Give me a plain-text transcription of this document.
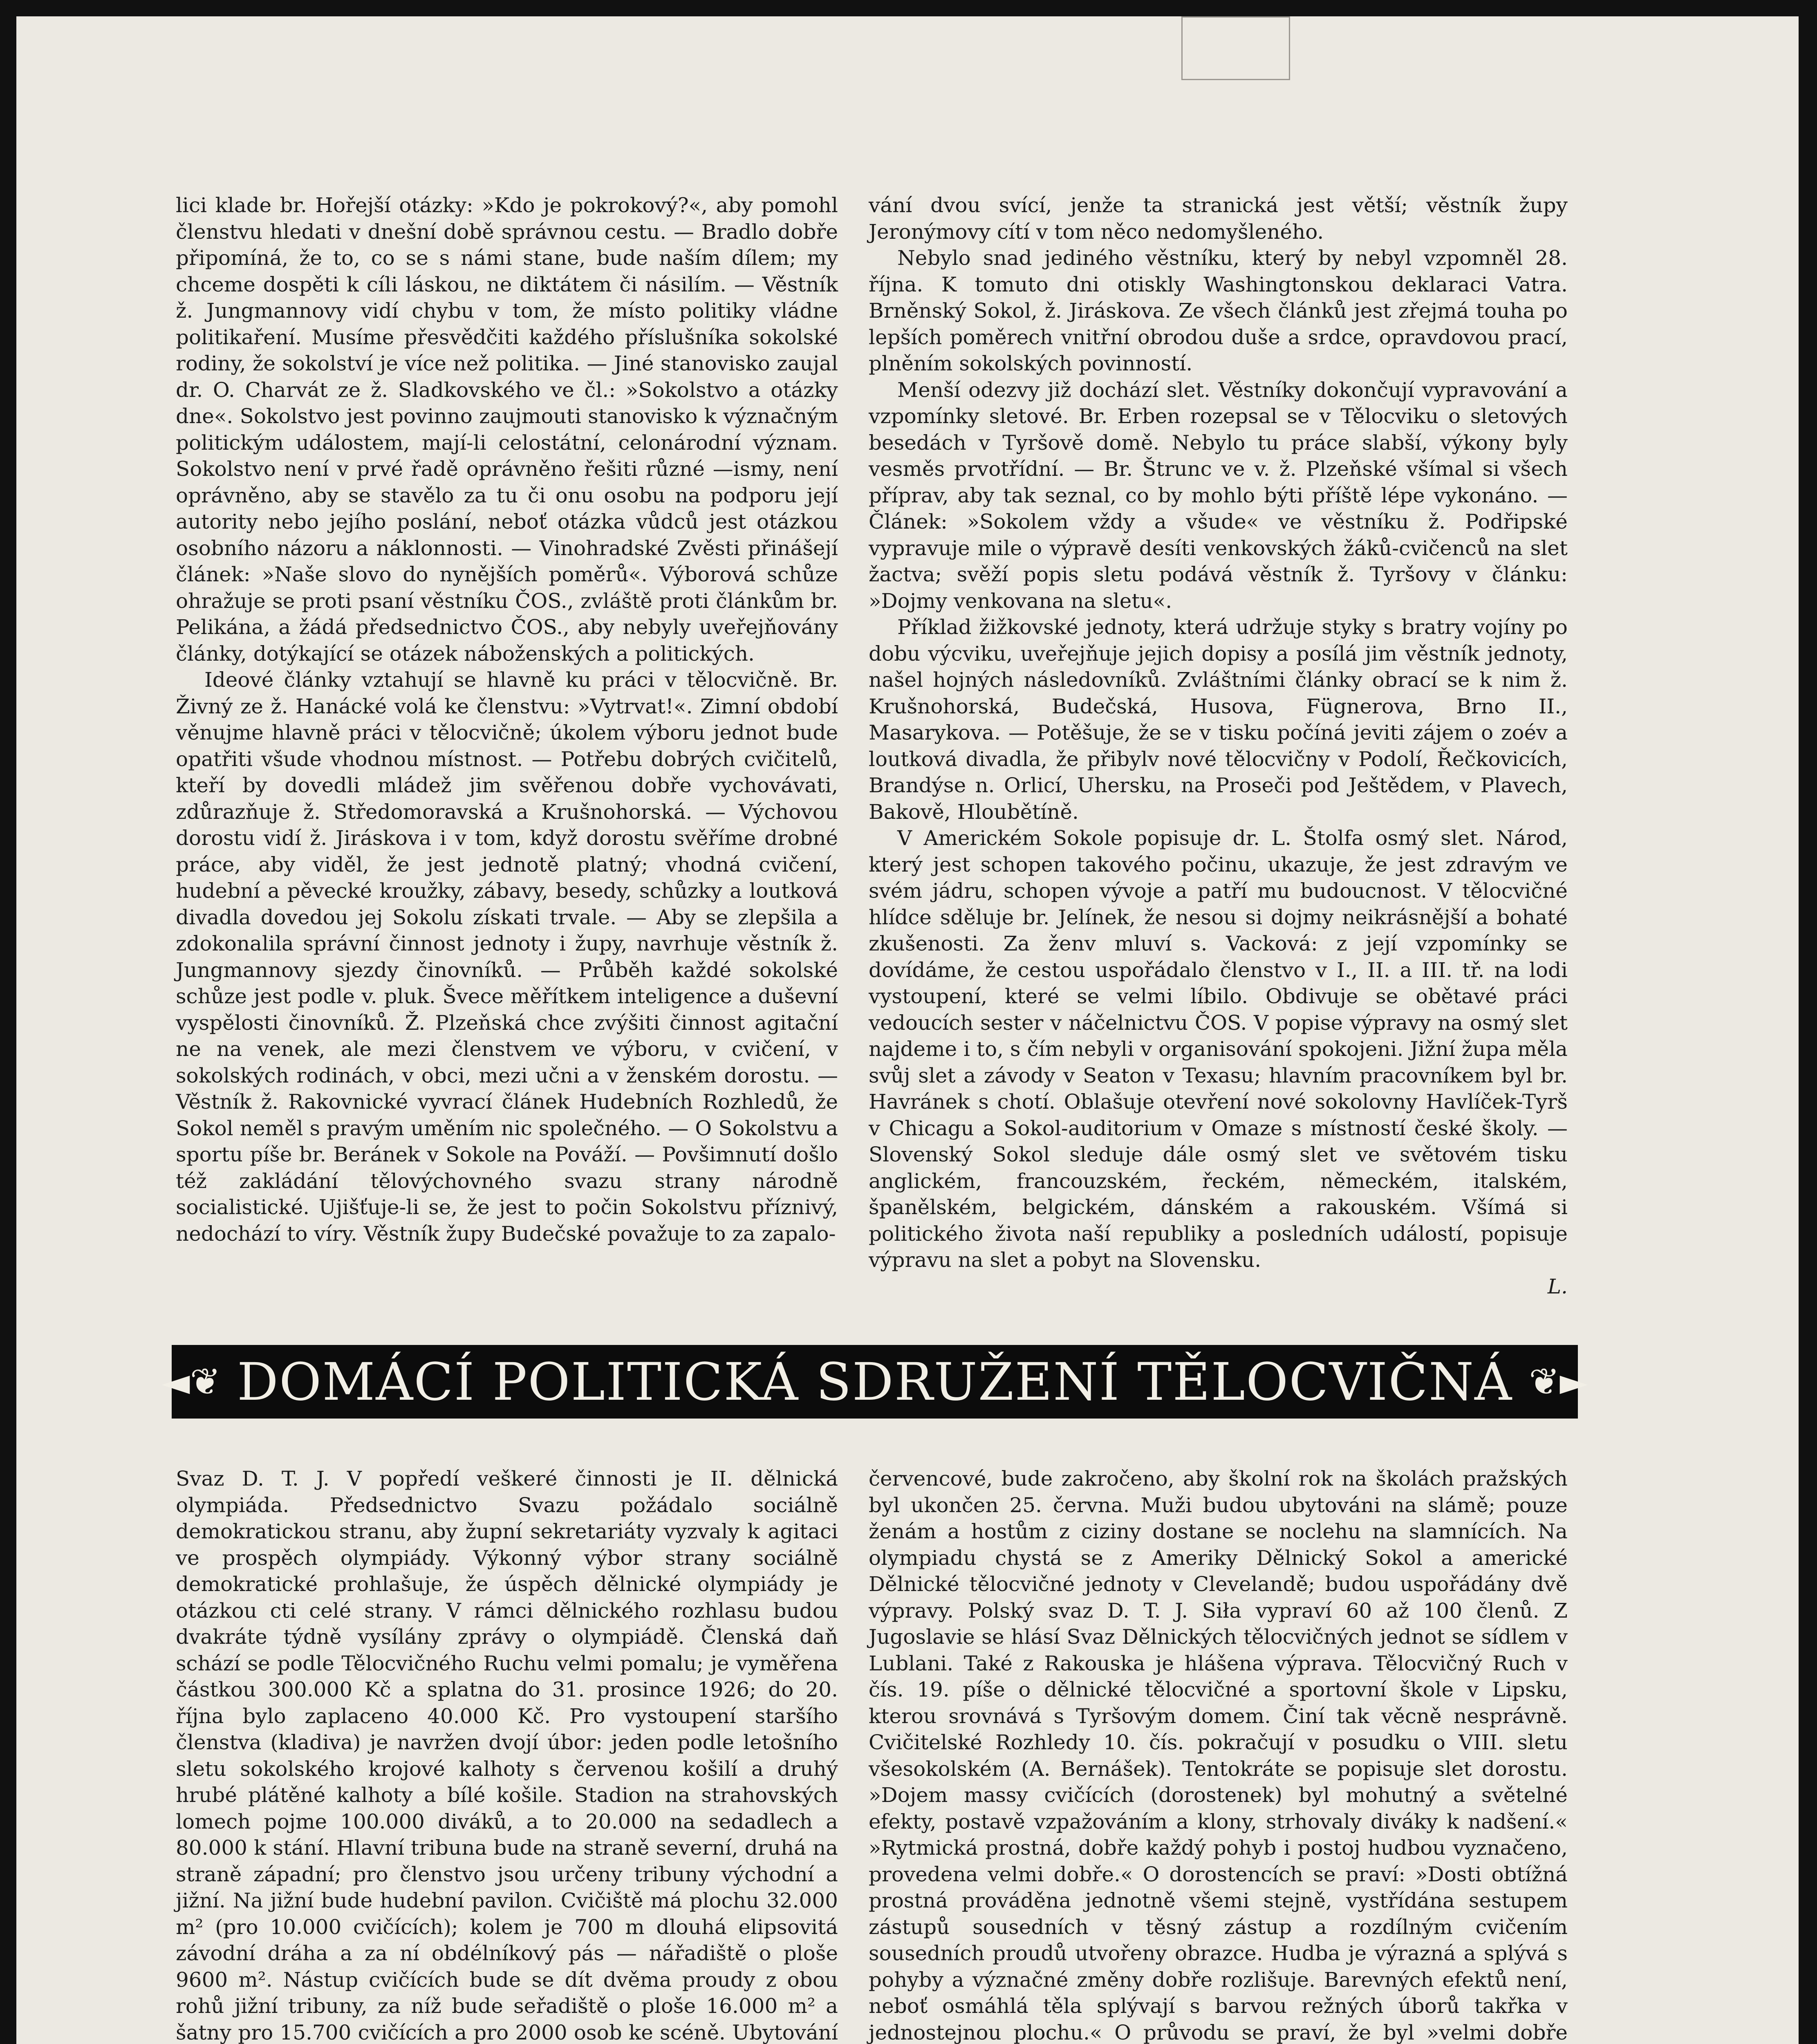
lici klade br. Hořejší otázky: »Kdo je pokrokový?«, aby pomohl členstvu hledati v dnešní době správnou cestu. — Bradlo dobře připomíná, že to, co se s námi stane, bude naším dílem; my chceme dospěti k cíli láskou, ne diktátem či násilím. — Věstník ž. Jungmannovy vidí chybu v tom, že místo politiky vládne politikaření. Musíme přesvědčiti každého příslušníka sokolské rodiny, že sokolství je více než politika. — Jiné stanovisko zaujal dr. O. Charvát ze ž. Sladkovského ve čl.: »Sokolstvo a otázky dne«. Sokolstvo jest povinno zaujmouti stanovisko k význačným politickým událostem, mají-li celostátní, celonárodní význam. Sokolstvo není v prvé řadě oprávněno řešiti různé —ismy, není oprávněno, aby se stavělo za tu či onu osobu na podporu její autority nebo jejího poslání, neboť otázka vůdců jest otázkou osobního názoru a náklonnosti. — Vinohradské Zvěsti přinášejí článek: »Naše slovo do nynějších poměrů«. Výborová schůze ohražuje se proti psaní věstníku ČOS., zvláště proti článkům br. Pelikána, a žádá předsednictvo ČOS., aby nebyly uveřejňovány články, dotýkající se otázek náboženských a politických.

Ideové články vztahují se hlavně ku práci v tělocvičně. Br. Živný ze ž. Hanácké volá ke členstvu: »Vytrvat!«. Zimní období věnujme hlavně práci v tělocvičně; úkolem výboru jednot bude opatřiti všude vhodnou místnost. — Potřebu dobrých cvičitelů, kteří by dovedli mládež jim svěřenou dobře vychovávati, zdůrazňuje ž. Středomoravská a Krušnohorská. — Výchovou dorostu vidí ž. Jiráskova i v tom, když dorostu svěříme drobné práce, aby viděl, že jest jednotě platný; vhodná cvičení, hudební a pěvecké kroužky, zábavy, besedy, schůzky a loutková divadla dovedou jej Sokolu získati trvale. — Aby se zlepšila a zdokonalila správní činnost jednoty i župy, navrhuje věstník ž. Jungmannovy sjezdy činovníků. — Průběh každé sokolské schůze jest podle v. pluk. Švece měřítkem inteligence a duševní vyspělosti činovníků. Ž. Plzeňská chce zvýšiti činnost agitační ne na venek, ale mezi členstvem ve výboru, v cvičení, v sokolských rodinách, v obci, mezi učni a v ženském dorostu. — Věstník ž. Rakovnické vyvrací článek Hudebních Rozhledů, že Sokol neměl s pravým uměním nic společného. — O Sokolstvu a sportu píše br. Beránek v Sokole na Pováží. — Povšimnutí došlo též zakládání tělovýchovného svazu strany národně socialistické. Ujišťuje-li se, že jest to počin Sokolstvu příznivý, nedochází to víry. Věstník župy Budečské považuje to za zapalo-

vání dvou svící, jenže ta stranická jest větší; věstník župy Jeronýmovy cítí v tom něco nedomyšleného.

Nebylo snad jediného věstníku, který by nebyl vzpomněl 28. října. K tomuto dni otiskly Washingtonskou deklaraci Vatra. Brněnský Sokol, ž. Jiráskova. Ze všech článků jest zřejmá touha po lepších poměrech vnitřní obrodou duše a srdce, opravdovou prací, plněním sokolských povinností.

Menší odezvy již dochází slet. Věstníky dokončují vypravování a vzpomínky sletové. Br. Erben rozepsal se v Tělocviku o sletových besedách v Tyršově domě. Nebylo tu práce slabší, výkony byly vesměs prvotřídní. — Br. Štrunc ve v. ž. Plzeňské všímal si všech příprav, aby tak seznal, co by mohlo býti příště lépe vykonáno. — Článek: »Sokolem vždy a všude« ve věstníku ž. Podřipské vypravuje mile o výpravě desíti venkovských žáků-cvičenců na slet žactva; svěží popis sletu podává věstník ž. Tyršovy v článku: »Dojmy venkovana na sletu«.

Příklad žižkovské jednoty, která udržuje styky s bratry vojíny po dobu výcviku, uveřejňuje jejich dopisy a posílá jim věstník jednoty, našel hojných následovníků. Zvláštními články obrací se k nim ž. Krušnohorská, Budečská, Husova, Fügnerova, Brno II., Masarykova. — Potěšuje, že se v tisku počíná jeviti zájem o zoév a loutková divadla, že přibylv nové tělocvičny v Podolí, Řečkovicích, Brandýse n. Orlicí, Uhersku, na Proseči pod Ještědem, v Plavech, Bakově, Hloubětíně.

V Americkém Sokole popisuje dr. L. Štolfa osmý slet. Národ, který jest schopen takového počinu, ukazuje, že jest zdravým ve svém jádru, schopen vývoje a patří mu budoucnost. V tělocvičné hlídce sděluje br. Jelínek, že nesou si dojmy neikrásnější a bohaté zkušenosti. Za ženv mluví s. Vacková: z její vzpomínky se dovídáme, že cestou uspořádalo členstvo v I., II. a III. tř. na lodi vystoupení, které se velmi líbilo. Obdivuje se obětavé práci vedoucích sester v náčelnictvu ČOS. V popise výpravy na osmý slet najdeme i to, s čím nebyli v organisování spokojeni. Jižní župa měla svůj slet a závody v Seaton v Texasu; hlavním pracovníkem byl br. Havránek s chotí. Oblašuje otevření nové sokolovny Havlíček-Tyrš v Chicagu a Sokol-auditorium v Omaze s místností české školy. — Slovenský Sokol sleduje dále osmý slet ve světovém tisku anglickém, francouzském, řeckém, německém, italském, španělském, belgickém, dánském a rakouském. Všímá si politického života naší republiky a posledních událostí, popisuje výpravu na slet a pobyt na Slovensku.

L.
◄❦ DOMÁCÍ POLITICKÁ SDRUŽENÍ TĚLOCVIČNÁ ❦►

Svaz D. T. J. V popředí veškeré činnosti je II. dělnická olympiáda. Předsednictvo Svazu požádalo sociálně demokratickou stranu, aby župní sekretariáty vyzvaly k agitaci ve prospěch olympiády. Výkonný výbor strany sociálně demokratické prohlašuje, že úspěch dělnické olympiády je otázkou cti celé strany. V rámci dělnického rozhlasu budou dvakráte týdně vysílány zprávy o olympiádě. Členská daň schází se podle Tělocvičného Ruchu velmi pomalu; je vyměřena částkou 300.000 Kč a splatna do 31. prosince 1926; do 20. října bylo zaplaceno 40.000 Kč. Pro vystoupení staršího členstva (kladiva) je navržen dvojí úbor: jeden podle letošního sletu sokolského krojové kalhoty s červenou košilí a druhý hrubé plátěné kalhoty a bílé košile. Stadion na strahovských lomech pojme 100.000 diváků, a to 20.000 na sedadlech a 80.000 k stání. Hlavní tribuna bude na straně severní, druhá na straně západní; pro členstvo jsou určeny tribuny východní a jižní. Na jižní bude hudební pavilon. Cvičiště má plochu 32.000 m² (pro 10.000 cvičících); kolem je 700 m dlouhá elipsovitá závodní dráha a za ní obdélníkový pás — nářadiště o ploše 9600 m². Nástup cvičících bude se dít dvěma proudy z obou rohů jižní tribuny, za níž bude seřadiště o ploše 16.000 m² a šatny pro 15.700 cvičících a pro 2000 osob ke scéně. Ubytování

červencové, bude zakročeno, aby školní rok na školách pražských byl ukončen 25. června. Muži budou ubytováni na slámě; pouze ženám a hostům z ciziny dostane se noclehu na slamnících. Na olympiadu chystá se z Ameriky Dělnický Sokol a americké Dělnické tělocvičné jednoty v Clevelandě; budou uspořádány dvě výpravy. Polský svaz D. T. J. Siła vypraví 60 až 100 členů. Z Jugoslavie se hlásí Svaz Dělnických tělocvičných jednot se sídlem v Lublani. Také z Rakouska je hlášena výprava. Tělocvičný Ruch v čís. 19. píše o dělnické tělocvičné a sportovní škole v Lipsku, kterou srovnává s Tyršovým domem. Činí tak věcně nesprávně. Cvičitelské Rozhledy 10. čís. pokračují v posudku o VIII. sletu všesokolském (A. Bernášek). Tentokráte se popisuje slet dorostu. »Dojem massy cvičících (dorostenek) byl mohutný a světelné efekty, postavě vzpažováním a klony, strhovaly diváky k nadšení.« »Rytmická prostná, dobře každý pohyb i postoj hudbou vyznačeno, provedena velmi dobře.« O dorostencích se praví: »Dosti obtížná prostná prováděna jednotně všemi stejně, vystřídána sestupem zástupů sousedních v těsný zástup a rozdílným cvičením sousedních proudů utvořeny obrazce. Hudba je výrazná a splývá s pohyby a význačné změny dobře rozlišuje. Barevných efektů není, neboť osmáhlá těla splývají s barvou režných úborů takřka v jednostejnou plochu.« O průvodu se praví, že byl »velmi dobře
